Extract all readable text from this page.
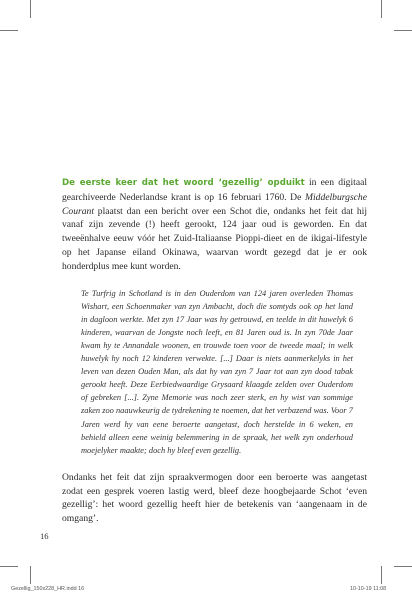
De eerste keer dat het woord ‘gezellig’ opduikt in een digitaal gearchiveerde Nederlandse krant is op 16 februari 1760. De Middelburgsche Courant plaatst dan een bericht over een Schot die, ondanks het feit dat hij vanaf zijn zevende (!) heeft gerookt, 124 jaar oud is geworden. En dat tweeënhalve eeuw vóór het Zuid-Italiaanse Pioppi-dieet en de ikigai-lifestyle op het Japanse eiland Okinawa, waarvan wordt gezegd dat je er ook honderdplus mee kunt worden.

Te Turfrig in Schotland is in den Ouderdom van 124 jaren overleden Thomas Wishart, een Schoenmaker van zyn Ambacht, doch die somtyds ook op het land in dagloon werkte. Met zyn 17 Jaar was hy getrouwd, en teelde in dit huwelyk 6 kinderen, waarvan de Jongste noch leeft, en 81 Jaren oud is. In zyn 70de Jaar kwam hy te Annandale woonen, en trouwde toen voor de tweede maal; in welk huwelyk hy noch 12 kinderen verwekte. [...] Daar is niets aanmerkelyks in het leven van dezen Ouden Man, als dat hy van zyn 7 Jaar tot aan zyn dood tabak gerookt heeft. Deze Eerbiedwaardige Grysaard klaagde zelden over Ouderdom of gebreken [...]. Zyne Memorie was noch zeer sterk, en hy wist van sommige zaken zoo naauwkeurig de tydrekening te noemen, dat het verbazend was. Voor 7 Jaren werd hy van eene beroerte aangetast, doch herstelde in 6 weken, en behield alleen eene weinig belemmering in de spraak, het welk zyn onderhoud moejelyker maakte; doch hy bleef even gezellig.

Ondanks het feit dat zijn spraakvermogen door een beroerte was aangetast zodat een gesprek voeren lastig werd, bleef deze hoogbejaarde Schot ‘even gezellig’: het woord gezellig heeft hier de betekenis van ‘aangenaam in de omgang’.

16
Gezellig_150x228_HR.indd 16	10-10-19 11:08
